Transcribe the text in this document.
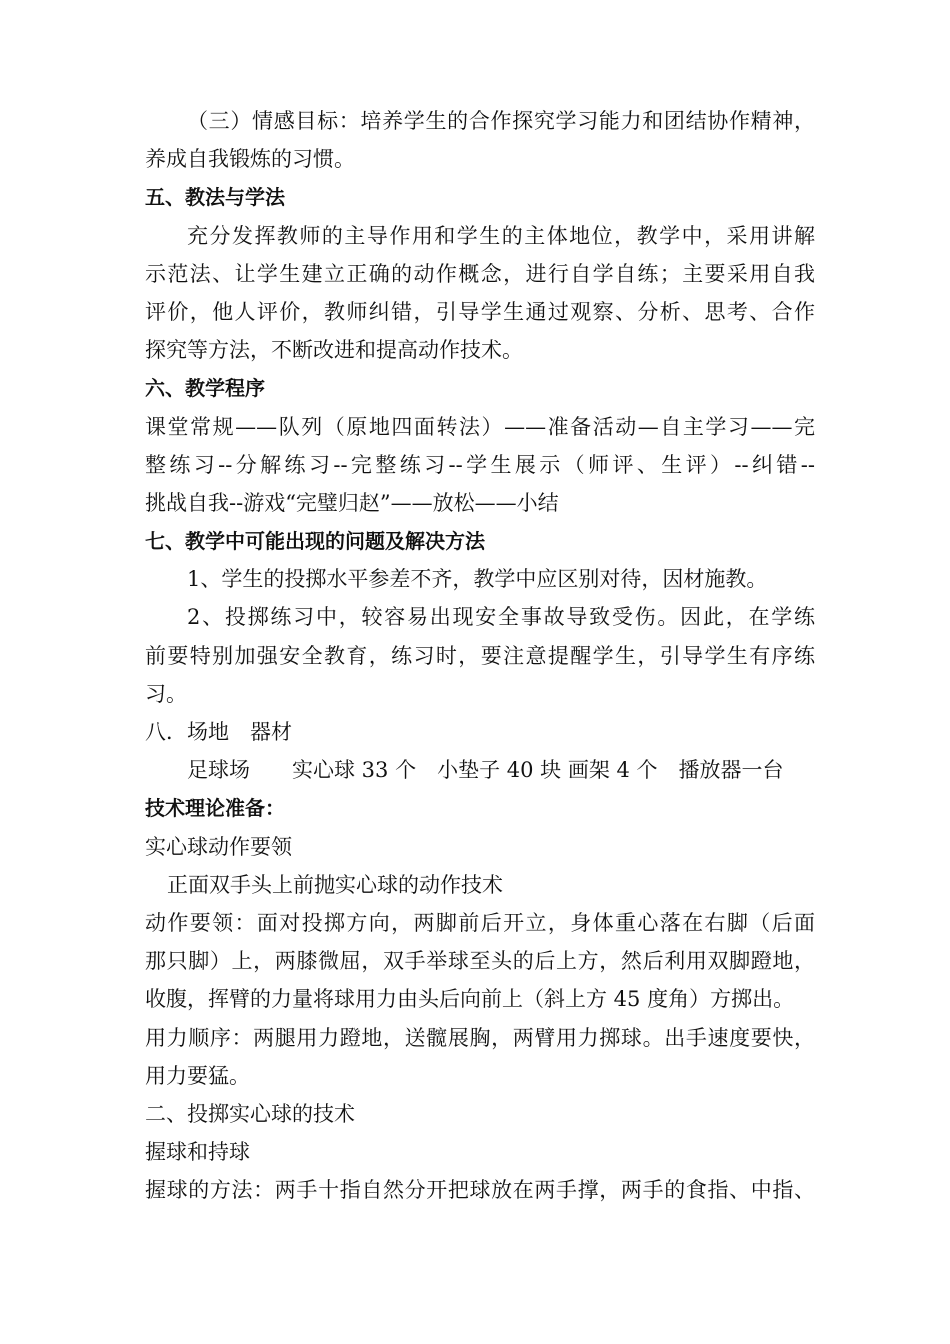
（三）情感目标：培养学生的合作探究学习能力和团结协作精神，
养成自我锻炼的习惯。
五、教法与学法
充分发挥教师的主导作用和学生的主体地位，教学中，采用讲解
示范法、让学生建立正确的动作概念，进行自学自练；主要采用自我
评价，他人评价，教师纠错，引导学生通过观察、分析、思考、合作
探究等方法，不断改进和提高动作技术。
六、教学程序
课堂常规——队列（原地四面转法）——准备活动—自主学习——完
整练习--分解练习--完整练习--学生展示（师评、生评）--纠错--
挑战自我--游戏“完璧归赵”——放松——小结
七、教学中可能出现的问题及解决方法
1、学生的投掷水平参差不齐，教学中应区别对待，因材施教。
2、投掷练习中，较容易出现安全事故导致受伤。因此，在学练
前要特别加强安全教育，练习时，要注意提醒学生，引导学生有序练
习。
八．场地　器材
足球场　　实心球 33 个　小垫子 40 块 画架 4 个　播放器一台
技术理论准备：
实心球动作要领
正面双手头上前抛实心球的动作技术
动作要领：面对投掷方向，两脚前后开立，身体重心落在右脚（后面
那只脚）上，两膝微屈，双手举球至头的后上方，然后利用双脚蹬地，
收腹，挥臂的力量将球用力由头后向前上（斜上方 45 度角）方掷出。
用力顺序：两腿用力蹬地，送髋展胸，两臂用力掷球。出手速度要快，
用力要猛。
二、投掷实心球的技术
握球和持球
握球的方法：两手十指自然分开把球放在两手撑，两手的食指、中指、
